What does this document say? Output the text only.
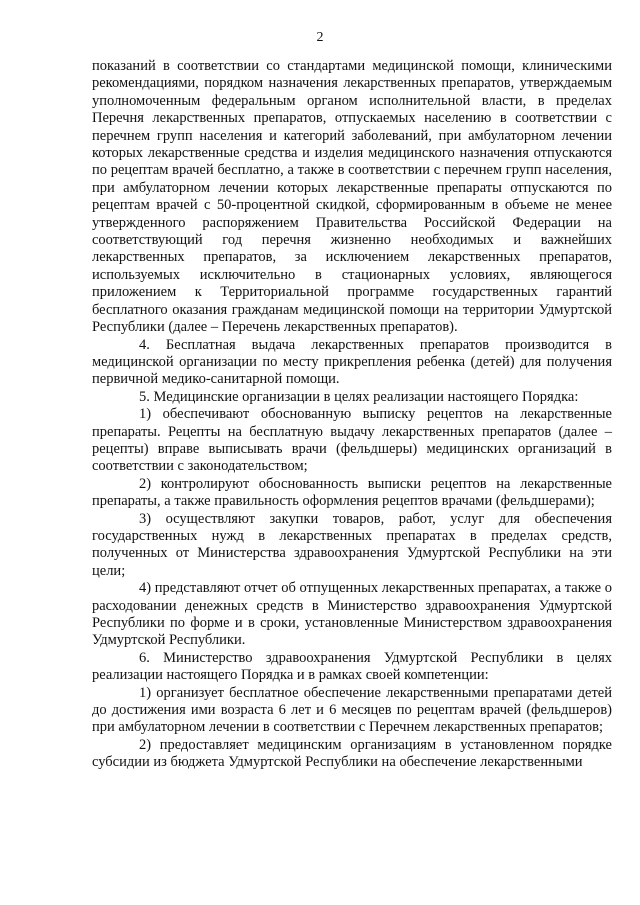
2

показаний в соответствии со стандартами медицинской помощи, клиническими рекомендациями, порядком назначения лекарственных препаратов, утверждаемым уполномоченным федеральным органом исполнительной власти, в пределах Перечня лекарственных препаратов, отпускаемых населению в соответствии с перечнем групп населения и категорий заболеваний, при амбулаторном лечении которых лекарственные средства и изделия медицинского назначения отпускаются по рецептам врачей бесплатно, а также в соответствии с перечнем групп населения, при амбулаторном лечении которых лекарственные препараты отпускаются по рецептам врачей с 50-процентной скидкой, сформированным в объеме не менее утвержденного распоряжением Правительства Российской Федерации на соответствующий год перечня жизненно необходимых и важнейших лекарственных препаратов, за исключением лекарственных препаратов, используемых исключительно в стационарных условиях, являющегося приложением к Территориальной программе государственных гарантий бесплатного оказания гражданам медицинской помощи на территории Удмуртской Республики (далее – Перечень лекарственных препаратов).

4. Бесплатная выдача лекарственных препаратов производится в медицинской организации по месту прикрепления ребенка (детей) для получения первичной медико-санитарной помощи.

5. Медицинские организации в целях реализации настоящего Порядка:

1) обеспечивают обоснованную выписку рецептов на лекарственные препараты. Рецепты на бесплатную выдачу лекарственных препаратов (далее – рецепты) вправе выписывать врачи (фельдшеры) медицинских организаций в соответствии с законодательством;

2) контролируют обоснованность выписки рецептов на лекарственные препараты, а также правильность оформления рецептов врачами (фельдшерами);

3) осуществляют закупки товаров, работ, услуг для обеспечения государственных нужд в лекарственных препаратах в пределах средств, полученных от Министерства здравоохранения Удмуртской Республики на эти цели;

4) представляют отчет об отпущенных лекарственных препаратах, а также о расходовании денежных средств в Министерство здравоохранения Удмуртской Республики по форме и в сроки, установленные Министерством здравоохранения Удмуртской Республики.

6. Министерство здравоохранения Удмуртской Республики в целях реализации настоящего Порядка и в рамках своей компетенции:

1) организует бесплатное обеспечение лекарственными препаратами детей до достижения ими возраста 6 лет и 6 месяцев по рецептам врачей (фельдшеров) при амбулаторном лечении в соответствии с Перечнем лекарственных препаратов;

2) предоставляет медицинским организациям в установленном порядке субсидии из бюджета Удмуртской Республики на обеспечение лекарственными
